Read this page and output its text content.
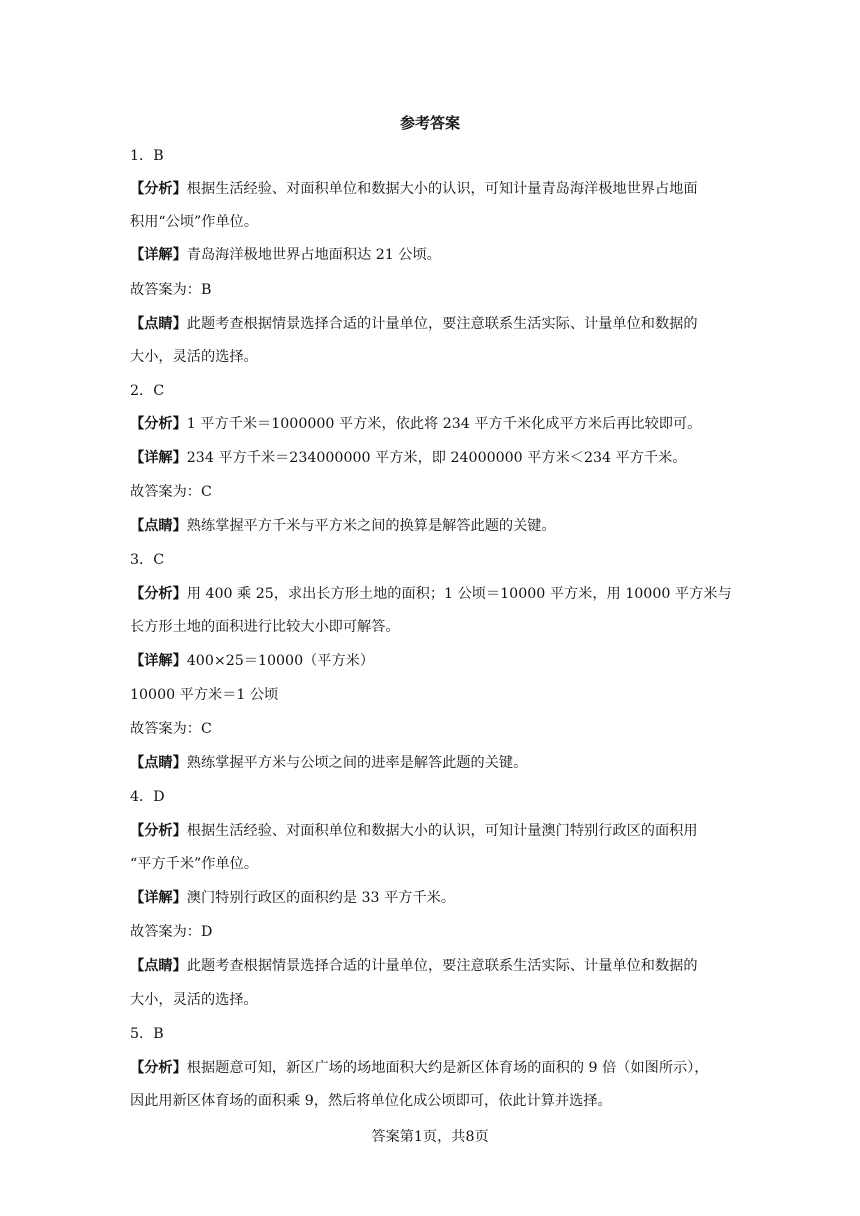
参考答案
1．B
【分析】根据生活经验、对面积单位和数据大小的认识，可知计量青岛海洋极地世界占地面
积用“公顷”作单位。
【详解】青岛海洋极地世界占地面积达 21 公顷。
故答案为：B
【点睛】此题考查根据情景选择合适的计量单位，要注意联系生活实际、计量单位和数据的
大小，灵活的选择。
2．C
【分析】1 平方千米＝1000000 平方米，依此将 234 平方千米化成平方米后再比较即可。
【详解】234 平方千米＝234000000 平方米，即 24000000 平方米＜234 平方千米。
故答案为：C
【点睛】熟练掌握平方千米与平方米之间的换算是解答此题的关键。
3．C
【分析】用 400 乘 25，求出长方形土地的面积；1 公顷＝10000 平方米，用 10000 平方米与
长方形土地的面积进行比较大小即可解答。
【详解】400×25＝10000（平方米）
10000 平方米＝1 公顷
故答案为：C
【点睛】熟练掌握平方米与公顷之间的进率是解答此题的关键。
4．D
【分析】根据生活经验、对面积单位和数据大小的认识，可知计量澳门特别行政区的面积用
“平方千米”作单位。
【详解】澳门特别行政区的面积约是 33 平方千米。
故答案为：D
【点睛】此题考查根据情景选择合适的计量单位，要注意联系生活实际、计量单位和数据的
大小，灵活的选择。
5．B
【分析】根据题意可知，新区广场的场地面积大约是新区体育场的面积的 9 倍（如图所示），
因此用新区体育场的面积乘 9，然后将单位化成公顷即可，依此计算并选择。
答案第1页，共8页
